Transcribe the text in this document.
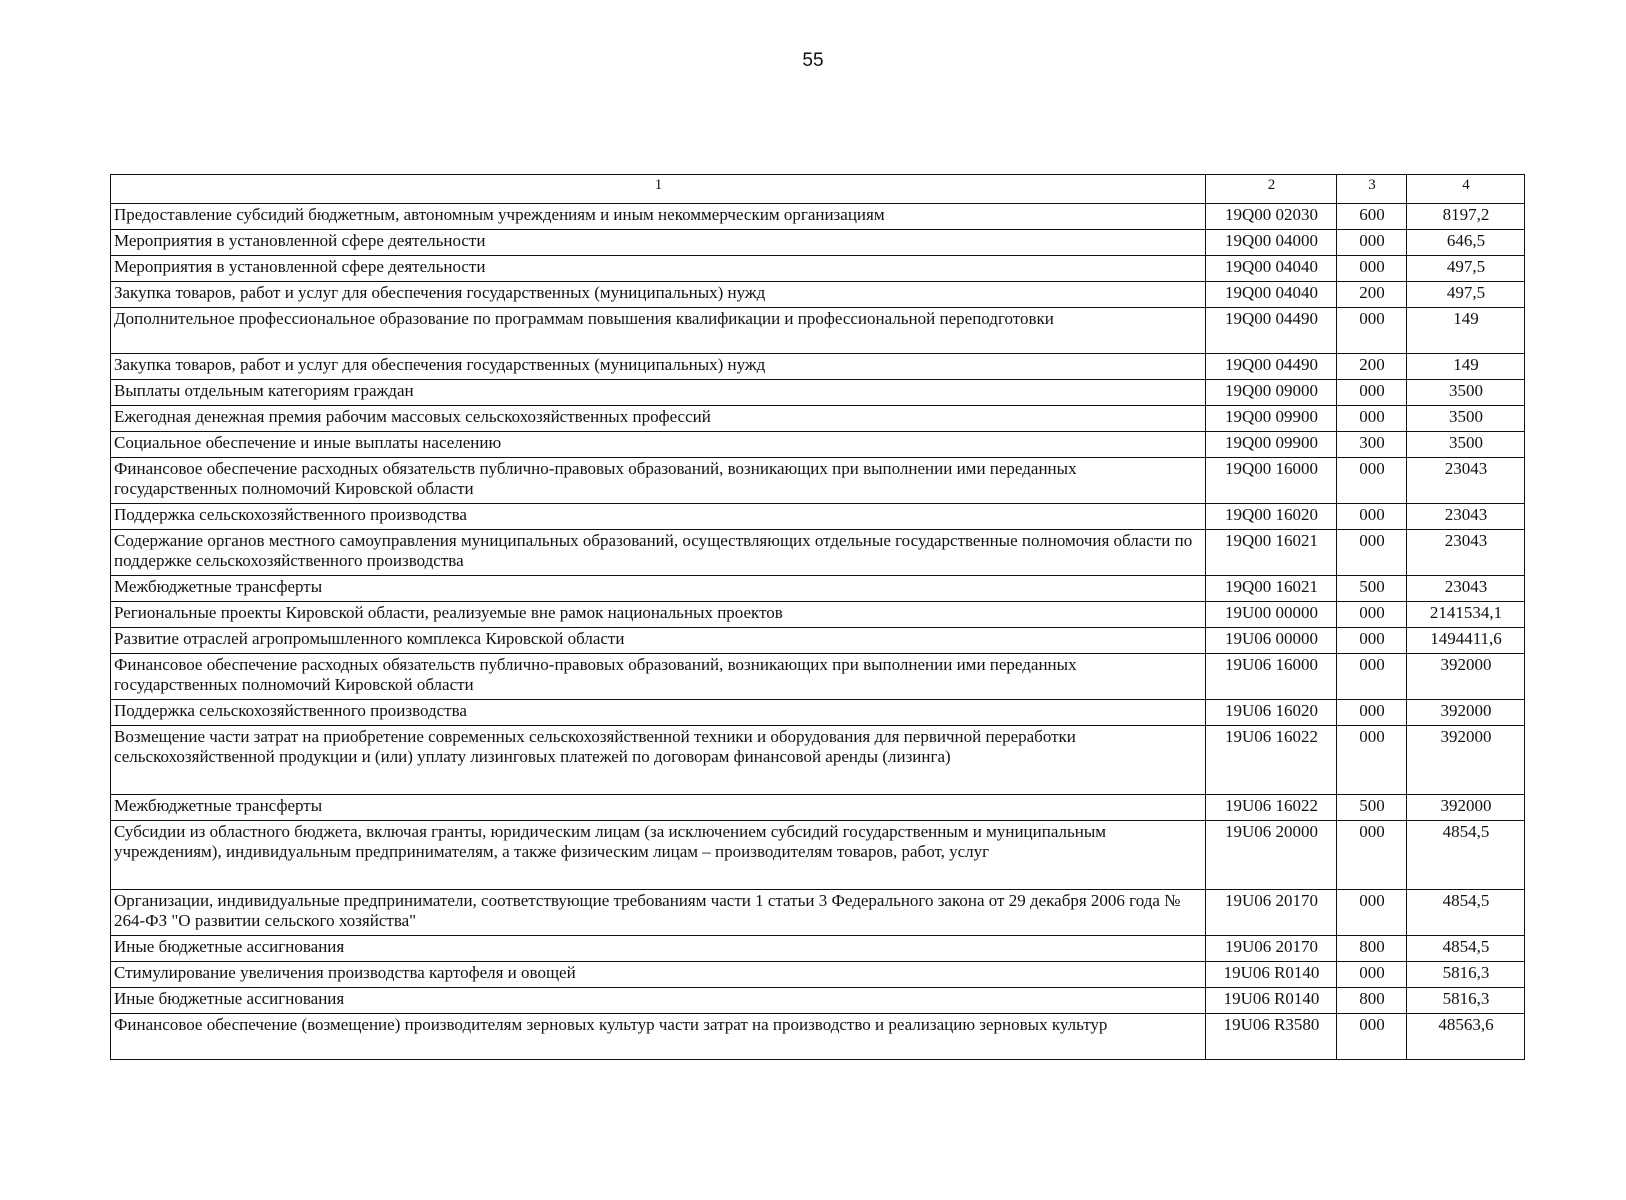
55
1	2	3	4
Предоставление субсидий бюджетным, автономным учреждениям и иным некоммерческим организациям	19Q00 02030	600	8197,2
Мероприятия в установленной сфере деятельности	19Q00 04000	000	646,5
Мероприятия в установленной сфере деятельности	19Q00 04040	000	497,5
Закупка товаров, работ и услуг для обеспечения государственных (муниципальных) нужд	19Q00 04040	200	497,5
Дополнительное профессиональное образование по программам повышения квалификации и профессиональной переподготовки	19Q00 04490	000	149
Закупка товаров, работ и услуг для обеспечения государственных (муниципальных) нужд	19Q00 04490	200	149
Выплаты отдельным категориям граждан	19Q00 09000	000	3500
Ежегодная денежная премия рабочим массовых сельскохозяйственных профессий	19Q00 09900	000	3500
Социальное обеспечение и иные выплаты населению	19Q00 09900	300	3500
Финансовое обеспечение расходных обязательств публично-правовых образований, возникающих при выполнении ими переданных государственных полномочий Кировской области	19Q00 16000	000	23043
Поддержка сельскохозяйственного производства	19Q00 16020	000	23043
Содержание органов местного самоуправления муниципальных образований, осуществляющих отдельные государственные полномочия области по поддержке сельскохозяйственного производства	19Q00 16021	000	23043
Межбюджетные трансферты	19Q00 16021	500	23043
Региональные проекты Кировской области, реализуемые вне рамок национальных проектов	19U00 00000	000	2141534,1
Развитие отраслей агропромышленного комплекса Кировской области	19U06 00000	000	1494411,6
Финансовое обеспечение расходных обязательств публично-правовых образований, возникающих при выполнении ими переданных государственных полномочий Кировской области	19U06 16000	000	392000
Поддержка сельскохозяйственного производства	19U06 16020	000	392000
Возмещение части затрат на приобретение современных сельскохозяйственной техники и оборудования для первичной переработки сельскохозяйственной продукции и (или) уплату лизинговых платежей по договорам финансовой аренды (лизинга)	19U06 16022	000	392000
Межбюджетные трансферты	19U06 16022	500	392000
Субсидии из областного бюджета, включая гранты, юридическим лицам (за исключением субсидий государственным и муниципальным учреждениям), индивидуальным предпринимателям, а также физическим лицам – производителям товаров, работ, услуг	19U06 20000	000	4854,5
Организации, индивидуальные предприниматели, соответствующие требованиям части 1 статьи 3 Федерального закона от 29 декабря 2006 года № 264-ФЗ "О развитии сельского хозяйства"	19U06 20170	000	4854,5
Иные бюджетные ассигнования	19U06 20170	800	4854,5
Стимулирование увеличения производства картофеля и овощей	19U06 R0140	000	5816,3
Иные бюджетные ассигнования	19U06 R0140	800	5816,3
Финансовое обеспечение (возмещение) производителям зерновых культур части затрат на производство и реализацию зерновых культур	19U06 R3580	000	48563,6
